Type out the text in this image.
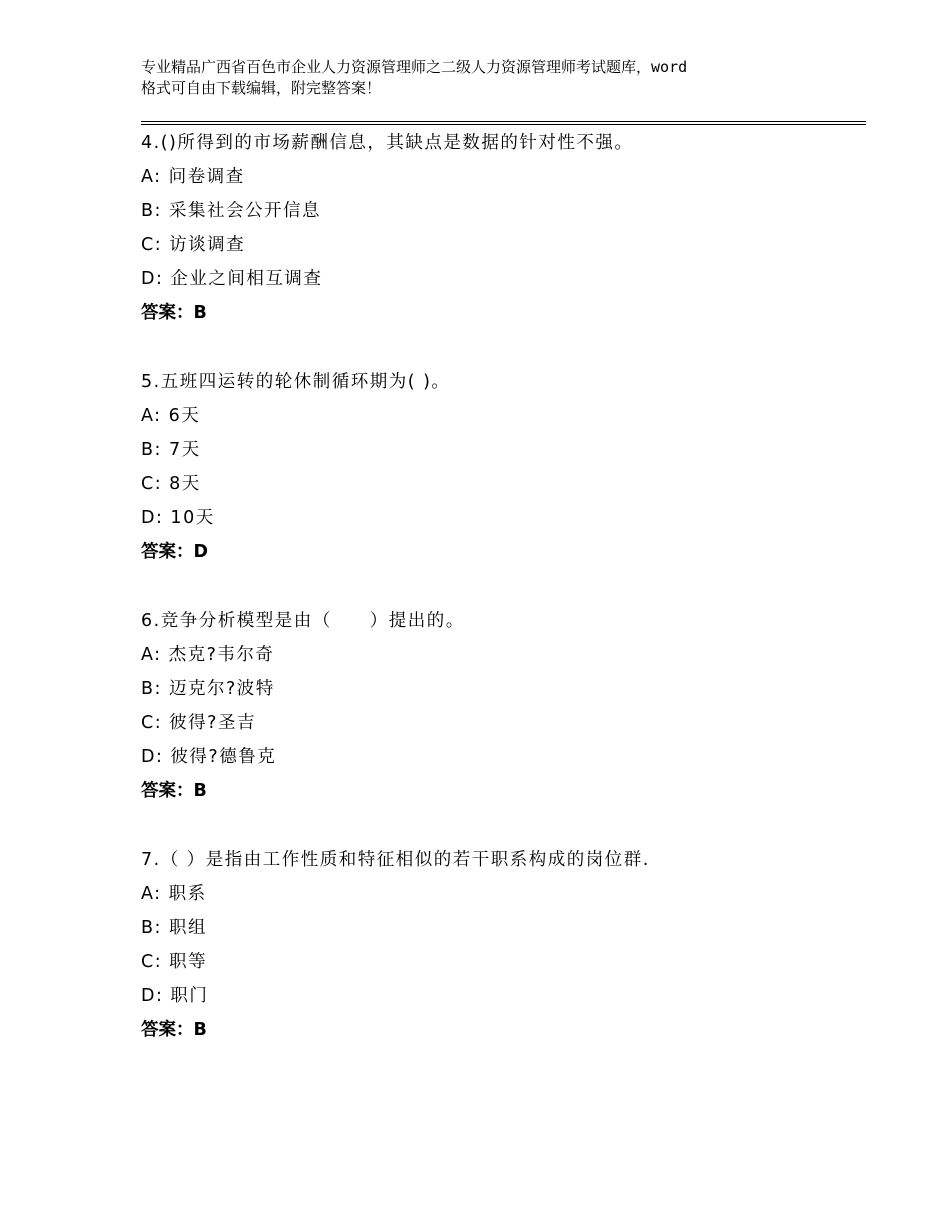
专业精品广西省百色市企业人力资源管理师之二级人力资源管理师考试题库，word
格式可自由下载编辑，附完整答案！
4.()所得到的市场薪酬信息，其缺点是数据的针对性不强。
A: 问卷调查
B: 采集社会公开信息
C: 访谈调查
D: 企业之间相互调查
答案：B
5.五班四运转的轮休制循环期为( )。
A: 6天
B: 7天
C: 8天
D: 10天
答案：D
6.竞争分析模型是由（　　）提出的。
A: 杰克?韦尔奇
B: 迈克尔?波特
C: 彼得?圣吉
D: 彼得?德鲁克
答案：B
7.（ ）是指由工作性质和特征相似的若干职系构成的岗位群.
A: 职系
B: 职组
C: 职等
D: 职门
答案：B
